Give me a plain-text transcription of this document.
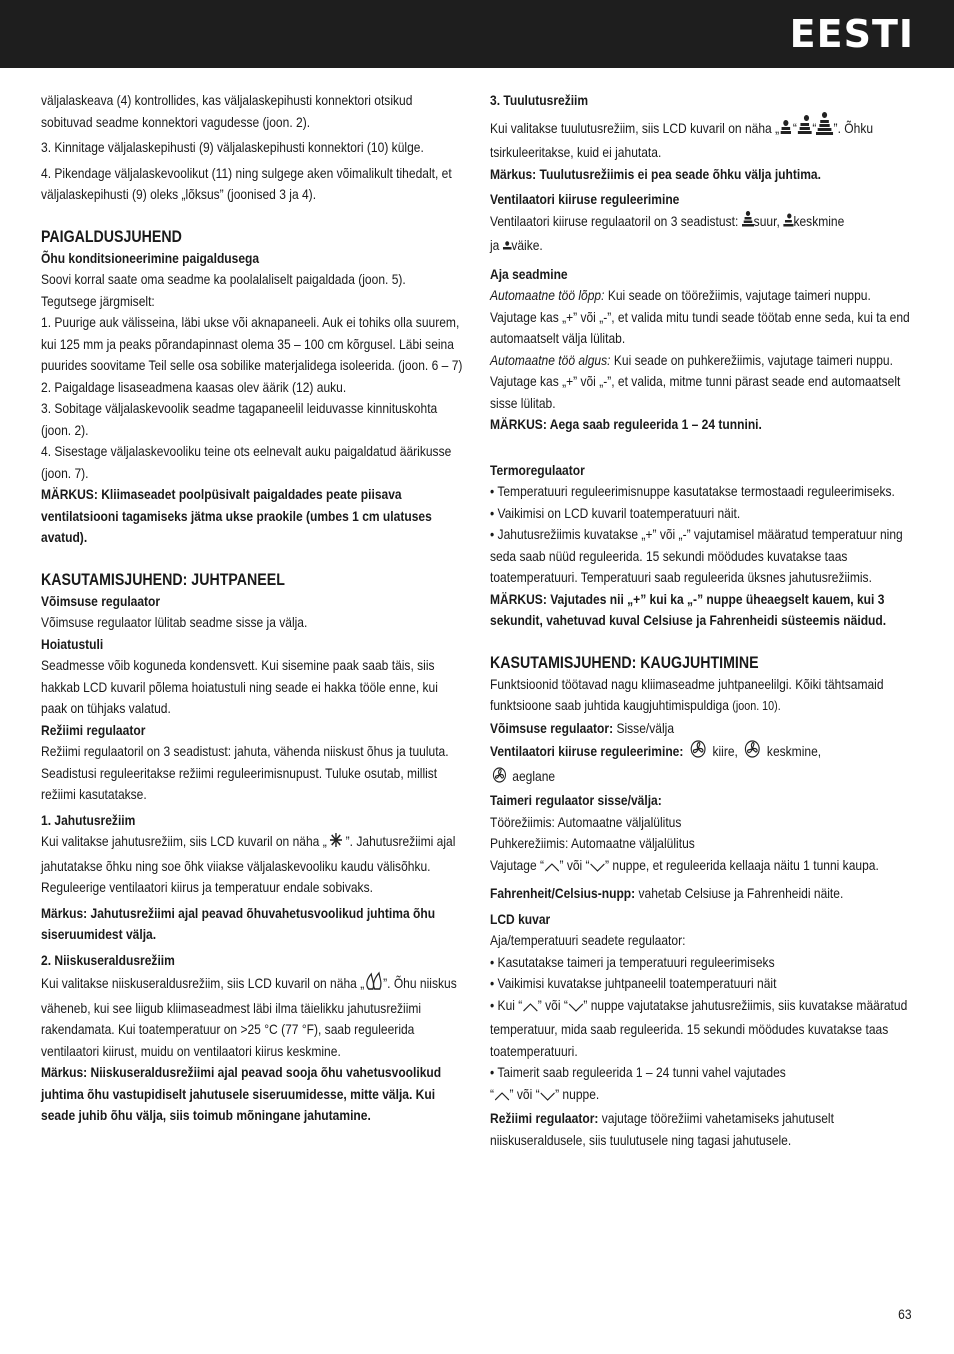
EESTI

väljalaskeava (4) kontrollides, kas väljalaskepihusti konnektori otsikud sobituvad seadme konnektori vagudesse (joon. 2).

3. Kinnitage väljalaskepihusti (9) väljalaskepihusti konnektori (10) külge.

4. Pikendage väljalaskevoolikut (11) ning sulgege aken võimalikult tihedalt, et väljalaskepihusti (9) oleks „lõksus” (joonised 3 ja 4).

PAIGALDUSJUHEND

Õhu konditsioneerimine paigaldusega

Soovi korral saate oma seadme ka poolalaliselt paigaldada (joon. 5). Tegutsege järgmiselt:

1. Puurige auk välisseina, läbi ukse või aknapaneeli. Auk ei tohiks olla suurem, kui 125 mm ja peaks põrandapinnast olema 35 – 100 cm kõrgusel. Läbi seina puurides soovitame Teil selle osa sobilike materjalidega isoleerida. (joon. 6 – 7)

2. Paigaldage lisaseadmena kaasas olev äärik (12) auku.

3. Sobitage väljalaskevoolik seadme tagapaneelil leiduvasse kinnituskohta (joon. 2).

4. Sisestage väljalaskevooliku teine ots eelnevalt auku paigaldatud äärikusse (joon. 7).

MÄRKUS: Kliimaseadet poolpüsivalt paigaldades peate piisava ventilatsiooni tagamiseks jätma ukse praokile (umbes 1 cm ulatuses avatud).

KASUTAMISJUHEND: JUHTPANEEL

Võimsuse regulaator

Võimsuse regulaator lülitab seadme sisse ja välja.

Hoiatustuli

Seadmesse võib koguneda kondensvett. Kui sisemine paak saab täis, siis hakkab LCD kuvaril põlema hoiatustuli ning seade ei hakka tööle enne, kui paak on tühjaks valatud.

Režiimi regulaator

Režiimi regulaatoril on 3 seadistust: jahuta, vähenda niiskust õhus ja tuuluta. Seadistusi reguleeritakse režiimi reguleerimisnupust. Tuluke osutab, millist režiimi kasutatakse.

1. Jahutusrežiim

Kui valitakse jahutusrežiim, siis LCD kuvaril on näha „ ”. Jahutusrežiimi ajal jahutatakse õhku ning soe õhk viiakse väljalaskevooliku kaudu välisõhku. Reguleerige ventilaatori kiirus ja temperatuur endale sobivaks.

Märkus: Jahutusrežiimi ajal peavad õhuvahetusvoolikud juhtima õhu siseruumidest välja.

2. Niiskuseraldusrežiim

Kui valitakse niiskuseraldusrežiim, siis LCD kuvaril on näha „ ”. Õhu niiskus väheneb, kui see liigub kliimaseadmest läbi ilma täielikku jahutusrežiimi rakendamata. Kui toatemperatuur on >25 °C (77 °F), saab reguleerida ventilaatori kiirust, muidu on ventilaatori kiirus keskmine.

Märkus: Niiskuseraldusrežiimi ajal peavad sooja õhu vahetusvoolikud juhtima õhu vastupidiselt jahutusele siseruumidesse, mitte välja. Kui seade juhib õhu välja, siis toimub mõningane jahutamine.

3. Tuulutusrežiim

Kui valitakse tuulutusrežiim, siis LCD kuvaril on näha „ “ “ ”. Õhku tsirkuleeritakse, kuid ei jahutata.

Märkus: Tuulutusrežiimis ei pea seade õhku välja juhtima.

Ventilaatori kiiruse reguleerimine

Ventilaatori kiiruse regulaatoril on 3 seadistust: suur, keskmine

ja väike.

Aja seadmine

Automaatne töö lõpp: Kui seade on töörežiimis, vajutage taimeri nuppu. Vajutage kas „+” või „-”, et valida mitu tundi seade töötab enne seda, kui ta end automaatselt välja lülitab.

Automaatne töö algus: Kui seade on puhkerežiimis, vajutage taimeri nuppu. Vajutage kas „+” või „-”, et valida, mitme tunni pärast seade end automaatselt sisse lülitab.

MÄRKUS: Aega saab reguleerida 1 – 24 tunnini.

Termoregulaator

• Temperatuuri reguleerimisnuppe kasutatakse termostaadi reguleerimiseks.

• Vaikimisi on LCD kuvaril toatemperatuuri näit.

• Jahutusrežiimis kuvatakse „+” või „-” vajutamisel määratud temperatuur ning seda saab nüüd reguleerida. 15 sekundi möödudes kuvatakse taas toatemperatuuri. Temperatuuri saab reguleerida üksnes jahutusrežiimis.

MÄRKUS: Vajutades nii „+” kui ka „-” nuppe üheaegselt kauem, kui 3 sekundit, vahetuvad kuval Celsiuse ja Fahrenheidi süsteemis näidud.

KASUTAMISJUHEND: KAUGJUHTIMINE

Funktsioonid töötavad nagu kliimaseadme juhtpaneelilgi. Kõiki tähtsamaid funktsioone saab juhtida kaugjuhtimispuldiga (joon. 10).

Võimsuse regulaator: Sisse/välja

Ventilaatori kiiruse reguleerimine: kiire, keskmine,

aeglane

Taimeri regulaator sisse/välja:

Töörežiimis: Automaatne väljalülitus

Puhkerežiimis: Automaatne väljalülitus

Vajutage “ ” või “ ” nuppe, et reguleerida kellaaja näitu 1 tunni kaupa.

Fahrenheit/Celsius-nupp: vahetab Celsiuse ja Fahrenheidi näite.

LCD kuvar

Aja/temperatuuri seadete regulaator:

• Kasutatakse taimeri ja temperatuuri reguleerimiseks

• Vaikimisi kuvatakse juhtpaneelil toatemperatuuri näit

• Kui “ ” või “ ” nuppe vajutatakse jahutusrežiimis, siis kuvatakse määratud temperatuur, mida saab reguleerida. 15 sekundi möödudes kuvatakse taas toatemperatuuri.

• Taimerit saab reguleerida 1 – 24 tunni vahel vajutades

“ ” või “ ” nuppe.

Režiimi regulaator: vajutage töörežiimi vahetamiseks jahutuselt niiskuseraldusele, siis tuulutusele ning tagasi jahutusele.

63
